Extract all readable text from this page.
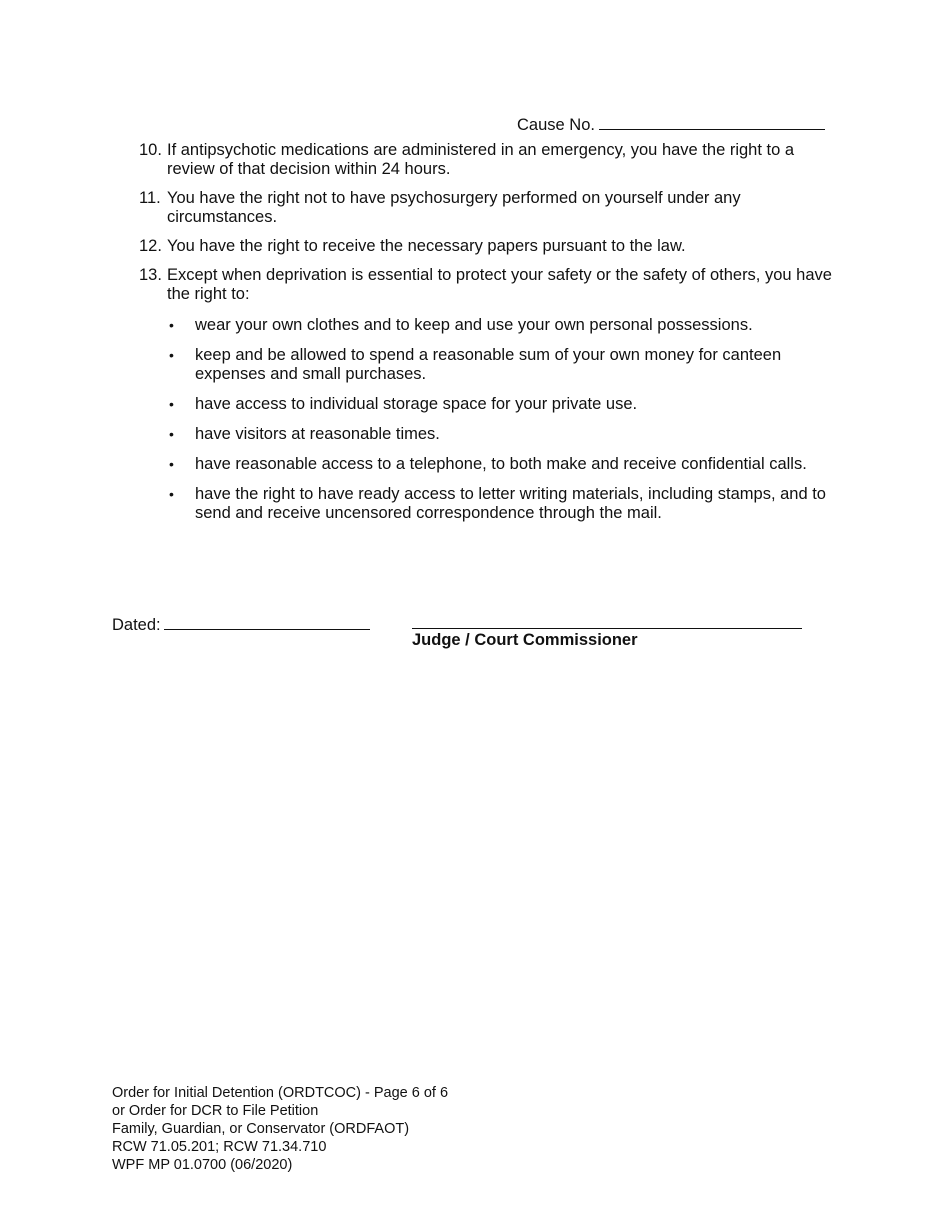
Cause No.
10. If antipsychotic medications are administered in an emergency, you have the right to a review of that decision within 24 hours.
11. You have the right not to have psychosurgery performed on yourself under any circumstances.
12. You have the right to receive the necessary papers pursuant to the law.
13. Except when deprivation is essential to protect your safety or the safety of others, you have the right to:
• wear your own clothes and to keep and use your own personal possessions.
• keep and be allowed to spend a reasonable sum of your own money for canteen expenses and small purchases.
• have access to individual storage space for your private use.
• have visitors at reasonable times.
• have reasonable access to a telephone, to both make and receive confidential calls.
• have the right to have ready access to letter writing materials, including stamps, and to send and receive uncensored correspondence through the mail.
Dated:
Judge / Court Commissioner
Order for Initial Detention (ORDTCOC) - Page 6 of 6
or Order for DCR to File Petition
Family, Guardian, or Conservator (ORDFAOT)
RCW 71.05.201; RCW 71.34.710
WPF MP 01.0700 (06/2020)
